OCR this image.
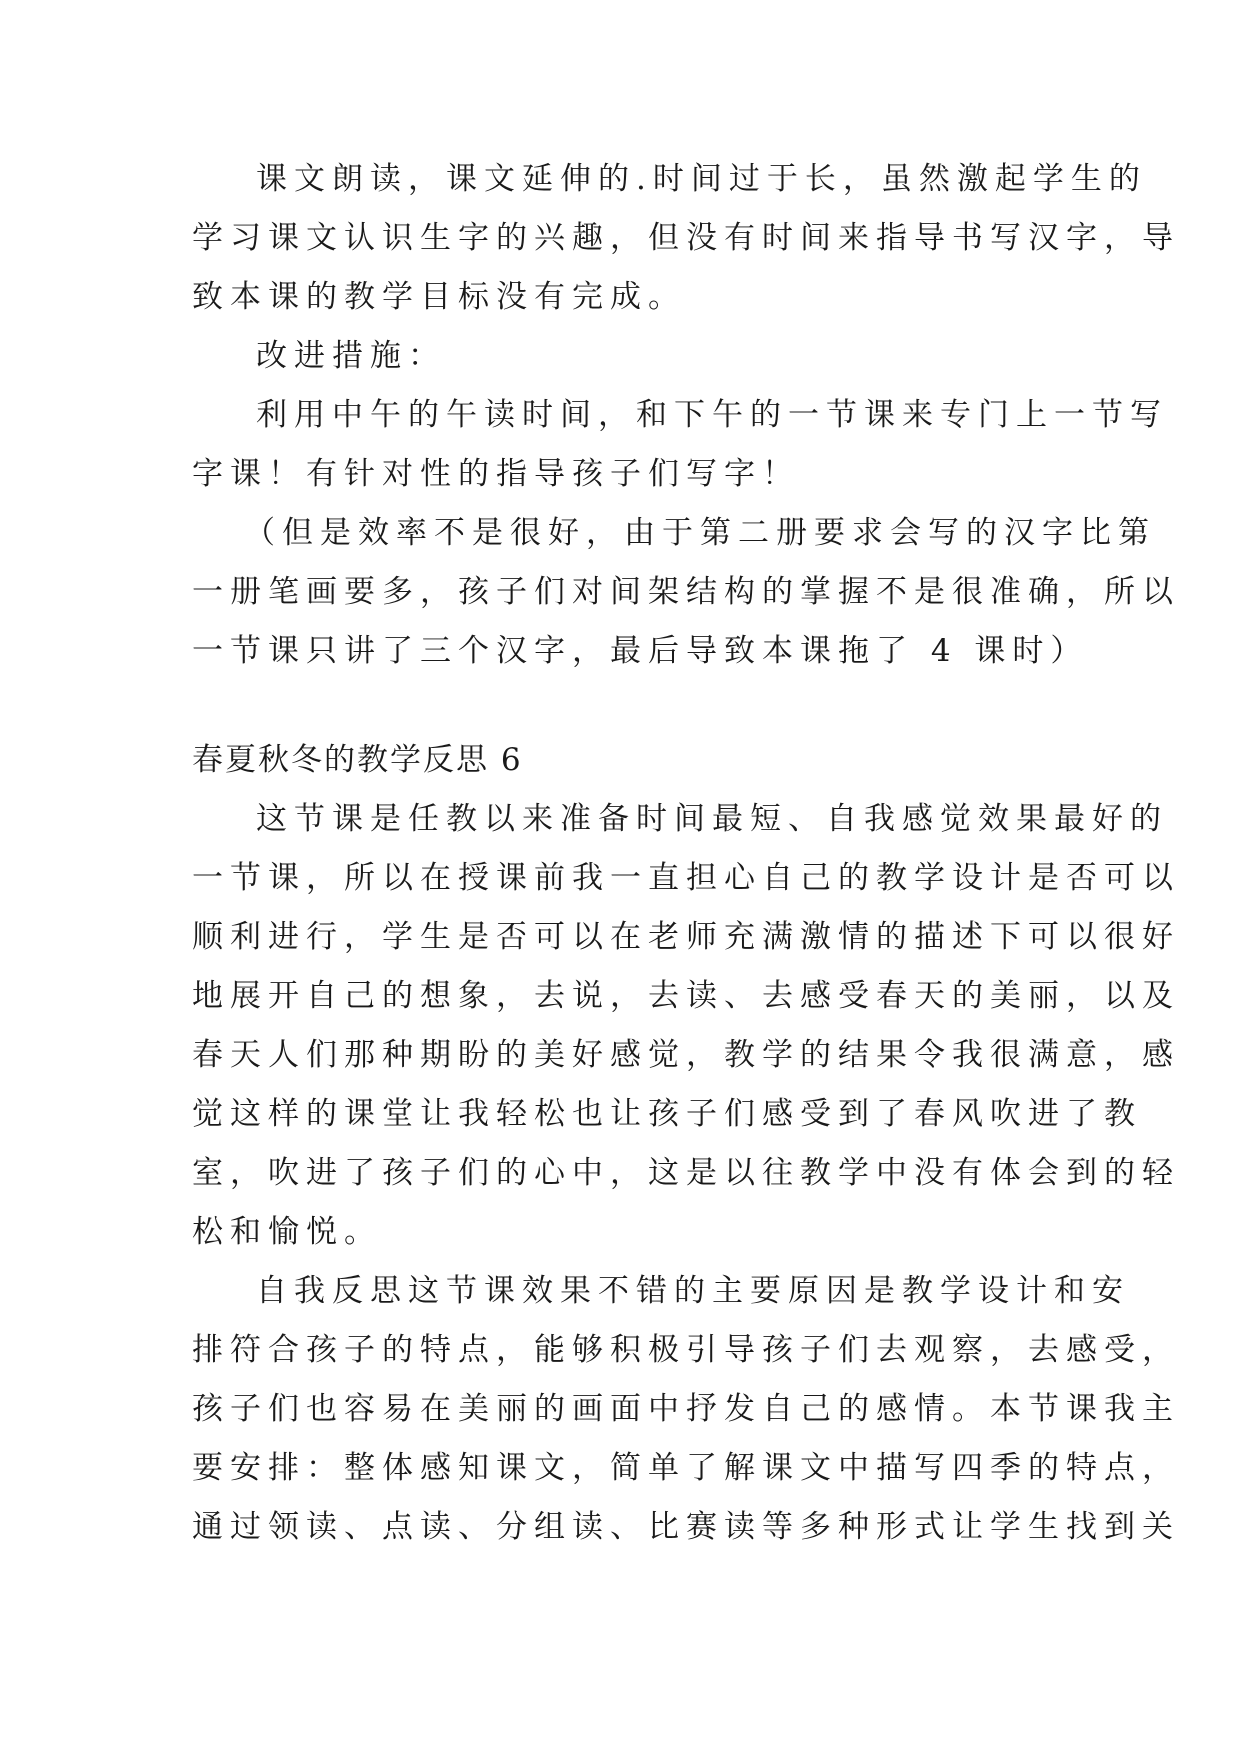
课文朗读，课文延伸的.时间过于长，虽然激起学生的
学习课文认识生字的兴趣，但没有时间来指导书写汉字，导
致本课的教学目标没有完成。
改进措施：
利用中午的午读时间，和下午的一节课来专门上一节写
字课！有针对性的指导孩子们写字！
（但是效率不是很好，由于第二册要求会写的汉字比第
一册笔画要多，孩子们对间架结构的掌握不是很准确，所以
一节课只讲了三个汉字，最后导致本课拖了 4 课时）
春夏秋冬的教学反思 6
这节课是任教以来准备时间最短、自我感觉效果最好的
一节课，所以在授课前我一直担心自己的教学设计是否可以
顺利进行，学生是否可以在老师充满激情的描述下可以很好
地展开自己的想象，去说，去读、去感受春天的美丽，以及
春天人们那种期盼的美好感觉，教学的结果令我很满意，感
觉这样的课堂让我轻松也让孩子们感受到了春风吹进了教
室，吹进了孩子们的心中，这是以往教学中没有体会到的轻
松和愉悦。
自我反思这节课效果不错的主要原因是教学设计和安
排符合孩子的特点，能够积极引导孩子们去观察，去感受，
孩子们也容易在美丽的画面中抒发自己的感情。本节课我主
要安排：整体感知课文，简单了解课文中描写四季的特点，
通过领读、点读、分组读、比赛读等多种形式让学生找到关
